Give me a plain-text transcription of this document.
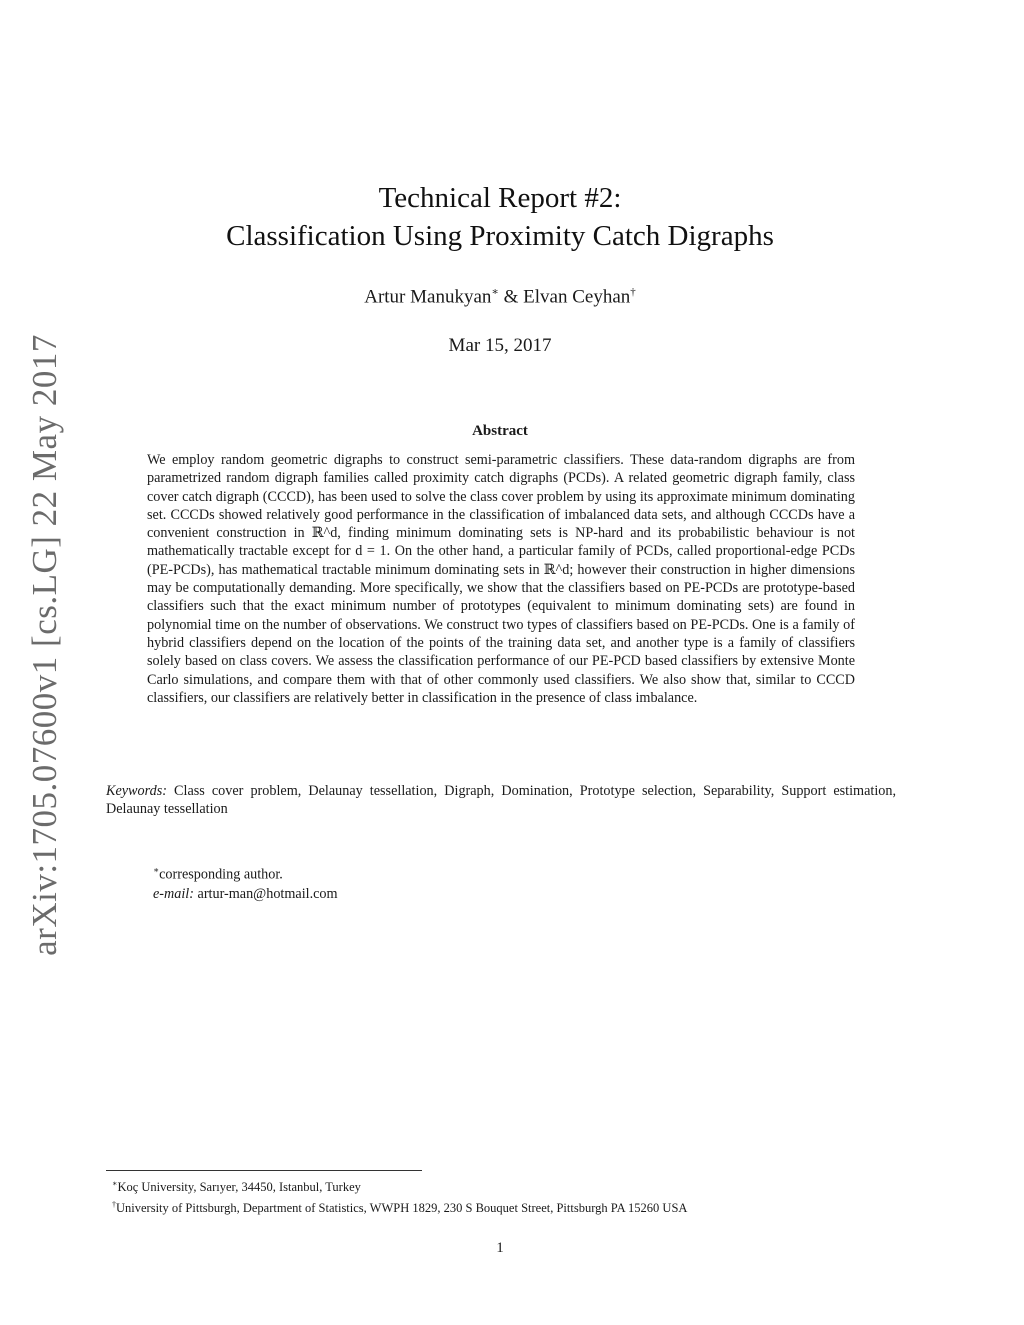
arXiv:1705.07600v1 [cs.LG] 22 May 2017
Technical Report #2:
Classification Using Proximity Catch Digraphs
Artur Manukyan∗ & Elvan Ceyhan†
Mar 15, 2017
Abstract
We employ random geometric digraphs to construct semi-parametric classifiers. These data-random digraphs are from parametrized random digraph families called proximity catch digraphs (PCDs). A related geometric digraph family, class cover catch digraph (CCCD), has been used to solve the class cover problem by using its approximate minimum dominating set. CCCDs showed relatively good performance in the classification of imbalanced data sets, and although CCCDs have a convenient construction in ℝ^d, finding minimum dominating sets is NP-hard and its probabilistic behaviour is not mathematically tractable except for d = 1. On the other hand, a particular family of PCDs, called proportional-edge PCDs (PE-PCDs), has mathematical tractable minimum dominating sets in ℝ^d; however their construction in higher dimensions may be computationally demanding. More specifically, we show that the classifiers based on PE-PCDs are prototype-based classifiers such that the exact minimum number of prototypes (equivalent to minimum dominating sets) are found in polynomial time on the number of observations. We construct two types of classifiers based on PE-PCDs. One is a family of hybrid classifiers depend on the location of the points of the training data set, and another type is a family of classifiers solely based on class covers. We assess the classification performance of our PE-PCD based classifiers by extensive Monte Carlo simulations, and compare them with that of other commonly used classifiers. We also show that, similar to CCCD classifiers, our classifiers are relatively better in classification in the presence of class imbalance.
Keywords: Class cover problem, Delaunay tessellation, Digraph, Domination, Prototype selection, Separability, Support estimation, Delaunay tessellation
∗corresponding author.
e-mail: artur-man@hotmail.com
∗Koç University, Sarıyer, 34450, Istanbul, Turkey
†University of Pittsburgh, Department of Statistics, WWPH 1829, 230 S Bouquet Street, Pittsburgh PA 15260 USA
1
